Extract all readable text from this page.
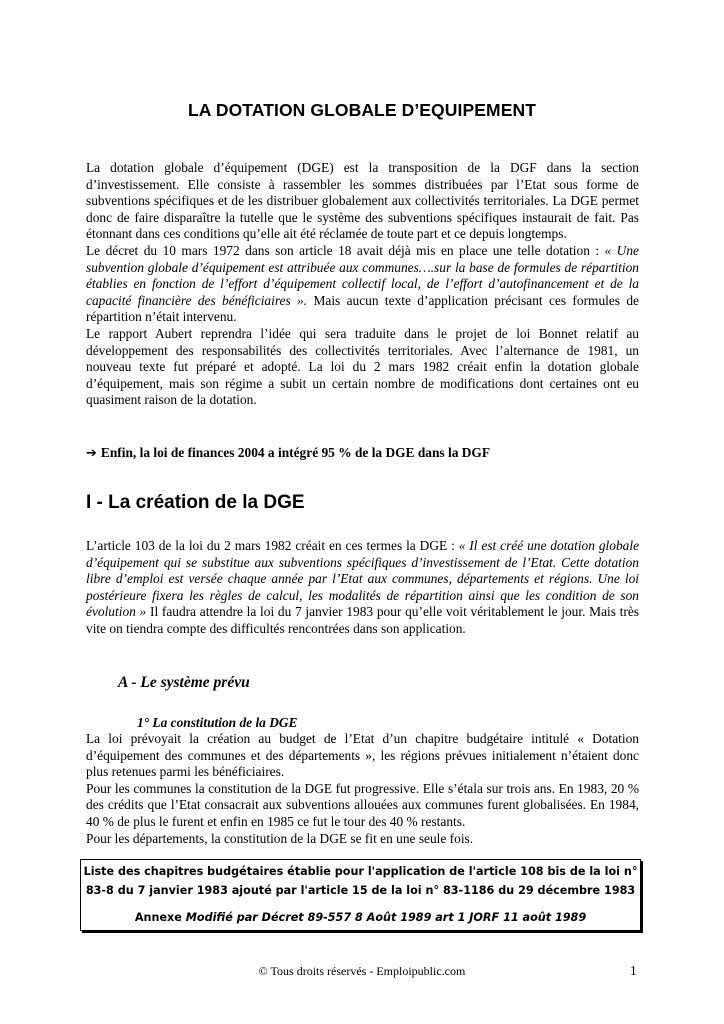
LA DOTATION GLOBALE D’EQUIPEMENT

La dotation globale d’équipement (DGE) est la transposition de la DGF dans la section d’investissement. Elle consiste à rassembler les sommes distribuées par l’Etat sous forme de subventions spécifiques et de les distribuer globalement aux collectivités territoriales. La DGE permet donc de faire disparaître la tutelle que le système des subventions spécifiques instaurait de fait. Pas étonnant dans ces conditions qu’elle ait été réclamée de toute part et ce depuis longtemps.

Le décret du 10 mars 1972 dans son article 18 avait déjà mis en place une telle dotation : « Une subvention globale d’équipement est attribuée aux communes….sur la base de formules de répartition établies en fonction de l’effort d’équipement collectif local, de l’effort d’autofinancement et de la capacité financière des bénéficiaires ». Mais aucun texte d’application précisant ces formules de répartition n’était intervenu.

Le rapport Aubert reprendra l’idée qui sera traduite dans le projet de loi Bonnet relatif au développement des responsabilités des collectivités territoriales. Avec l’alternance de 1981, un nouveau texte fut préparé et adopté. La loi du 2 mars 1982 créait enfin la dotation globale d’équipement, mais son régime a subit un certain nombre de modifications dont certaines ont eu quasiment raison de la dotation.

➔ Enfin, la loi de finances 2004 a intégré 95 % de la DGE dans la DGF
I - La création de la DGE

L’article 103 de la loi du 2 mars 1982 créait en ces termes la DGE : « Il est créé une dotation globale d’équipement qui se substitue aux subventions spécifiques d’investissement de l’Etat. Cette dotation libre d’emploi est versée chaque année par l’Etat aux communes, départements et régions. Une loi postérieure fixera les règles de calcul, les modalités de répartition ainsi que les condition de son évolution » Il faudra attendre la loi du 7 janvier 1983 pour qu’elle voit véritablement le jour. Mais très vite on tiendra compte des difficultés rencontrées dans son application.

A - Le système prévu
1° La constitution de la DGE

La loi prévoyait la création au budget de l’Etat d’un chapitre budgétaire intitulé « Dotation d’équipement des communes et des départements », les régions prévues initialement n’étaient donc plus retenues parmi les bénéficiaires.

Pour les communes la constitution de la DGE fut progressive. Elle s’étala sur trois ans. En 1983, 20 % des crédits que l’Etat consacrait aux subventions allouées aux communes furent globalisées. En 1984, 40 % de plus le furent et enfin en 1985 ce fut le tour des 40 % restants.

Pour les départements, la constitution de la DGE se fit en une seule fois.

Liste des chapitres budgétaires établie pour l'application de l'article 108 bis de la loi n°
83-8 du 7 janvier 1983 ajouté par l'article 15 de la loi n° 83-1186 du 29 décembre 1983
Annexe Modifié par Décret 89-557 8 Août 1989 art 1 JORF 11 août 1989
© Tous droits réservés - Emploipublic.com	1
